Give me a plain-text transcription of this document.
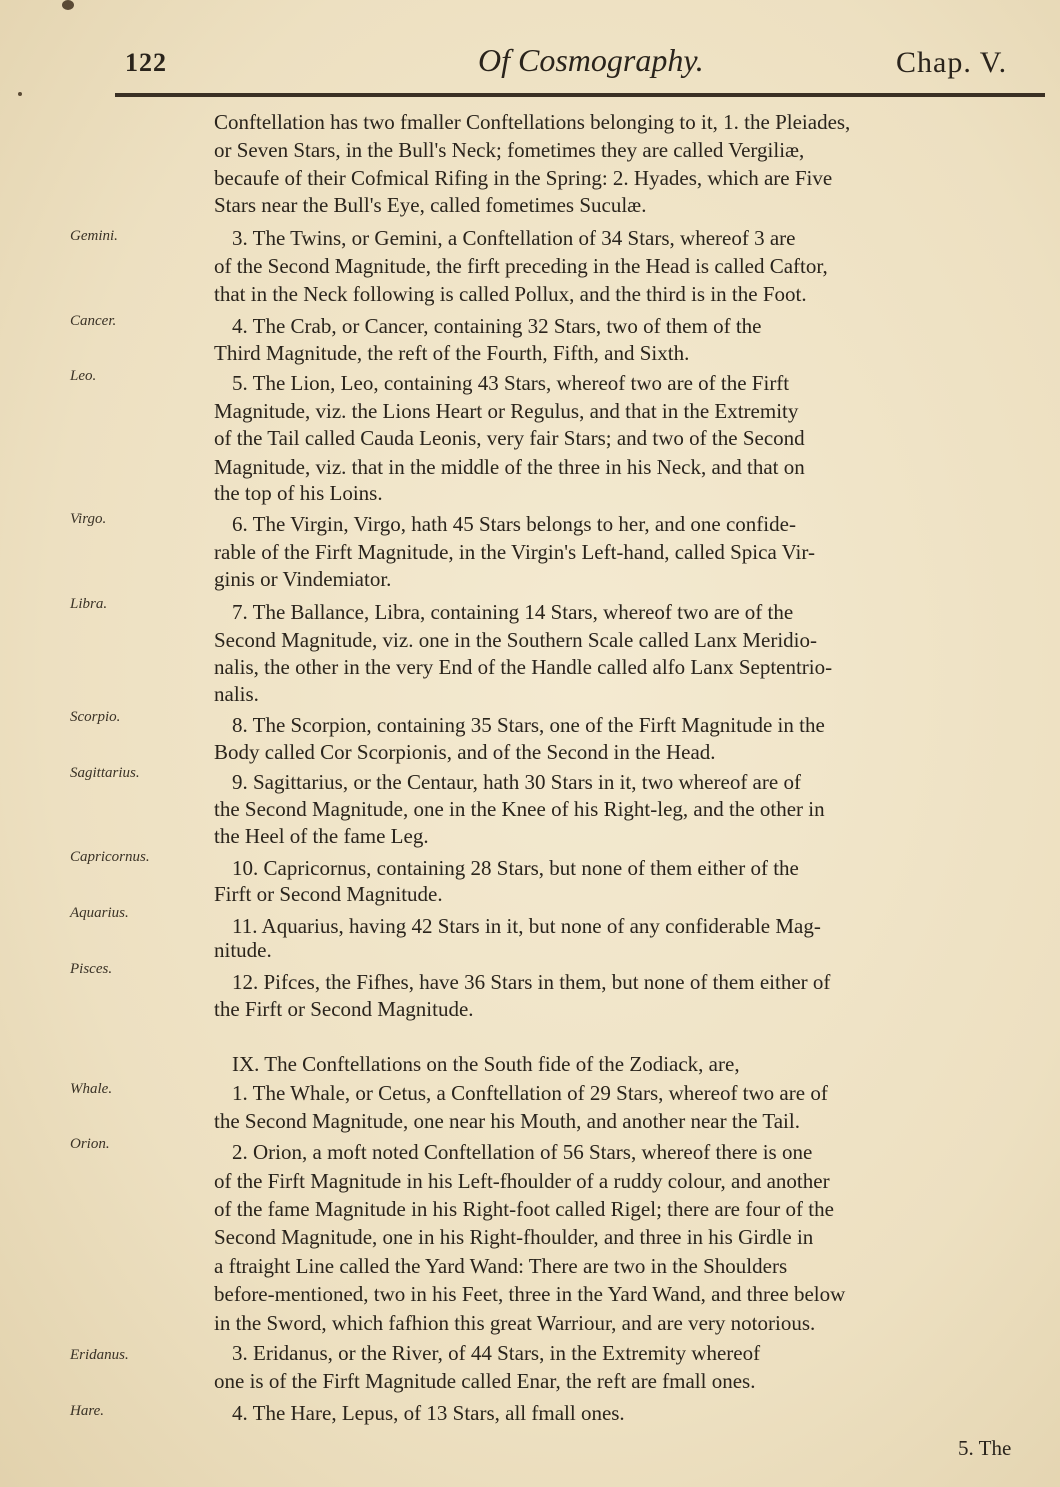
122	Of Cosmography.	Chap. V.
Gemini.
Cancer.
Leo.
Virgo.
Libra.
Scorpio.
Sagittarius.
Capricornus.
Aquarius.
Pisces.
Whale.
Orion.
Eridanus.
Hare.
Conftellation has two fmaller Conftellations belonging to it, 1. the Pleiades,
or Seven Stars, in the Bull's Neck; fometimes they are called Vergiliæ,
becaufe of their Cofmical Rifing in the Spring: 2. Hyades, which are Five
Stars near the Bull's Eye, called fometimes Suculæ.
3. The Twins, or Gemini, a Conftellation of 34 Stars, whereof 3 are
of the Second Magnitude, the firft preceding in the Head is called Caftor,
that in the Neck following is called Pollux, and the third is in the Foot.
4. The Crab, or Cancer, containing 32 Stars, two of them of the
Third Magnitude, the reft of the Fourth, Fifth, and Sixth.
5. The Lion, Leo, containing 43 Stars, whereof two are of the Firft
Magnitude, viz. the Lions Heart or Regulus, and that in the Extremity
of the Tail called Cauda Leonis, very fair Stars; and two of the Second
Magnitude, viz. that in the middle of the three in his Neck, and that on
the top of his Loins.
6. The Virgin, Virgo, hath 45 Stars belongs to her, and one confide-
rable of the Firft Magnitude, in the Virgin's Left-hand, called Spica Vir-
ginis or Vindemiator.
7. The Ballance, Libra, containing 14 Stars, whereof two are of the
Second Magnitude, viz. one in the Southern Scale called Lanx Meridio-
nalis, the other in the very End of the Handle called alfo Lanx Septentrio-
nalis.
8. The Scorpion, containing 35 Stars, one of the Firft Magnitude in the
Body called Cor Scorpionis, and of the Second in the Head.
9. Sagittarius, or the Centaur, hath 30 Stars in it, two whereof are of
the Second Magnitude, one in the Knee of his Right-leg, and the other in
the Heel of the fame Leg.
10. Capricornus, containing 28 Stars, but none of them either of the
Firft or Second Magnitude.
11. Aquarius, having 42 Stars in it, but none of any confiderable Mag-
nitude.
12. Pifces, the Fifhes, have 36 Stars in them, but none of them either of
the Firft or Second Magnitude.
IX. The Conftellations on the South fide of the Zodiack, are,
1. The Whale, or Cetus, a Conftellation of 29 Stars, whereof two are of
the Second Magnitude, one near his Mouth, and another near the Tail.
2. Orion, a moft noted Conftellation of 56 Stars, whereof there is one
of the Firft Magnitude in his Left-fhoulder of a ruddy colour, and another
of the fame Magnitude in his Right-foot called Rigel; there are four of the
Second Magnitude, one in his Right-fhoulder, and three in his Girdle in
a ftraight Line called the Yard Wand: There are two in the Shoulders
before-mentioned, two in his Feet, three in the Yard Wand, and three below
in the Sword, which fafhion this great Warriour, and are very notorious.
3. Eridanus, or the River, of 44 Stars, in the Extremity whereof
one is of the Firft Magnitude called Enar, the reft are fmall ones.
4. The Hare, Lepus, of 13 Stars, all fmall ones.
5. The
